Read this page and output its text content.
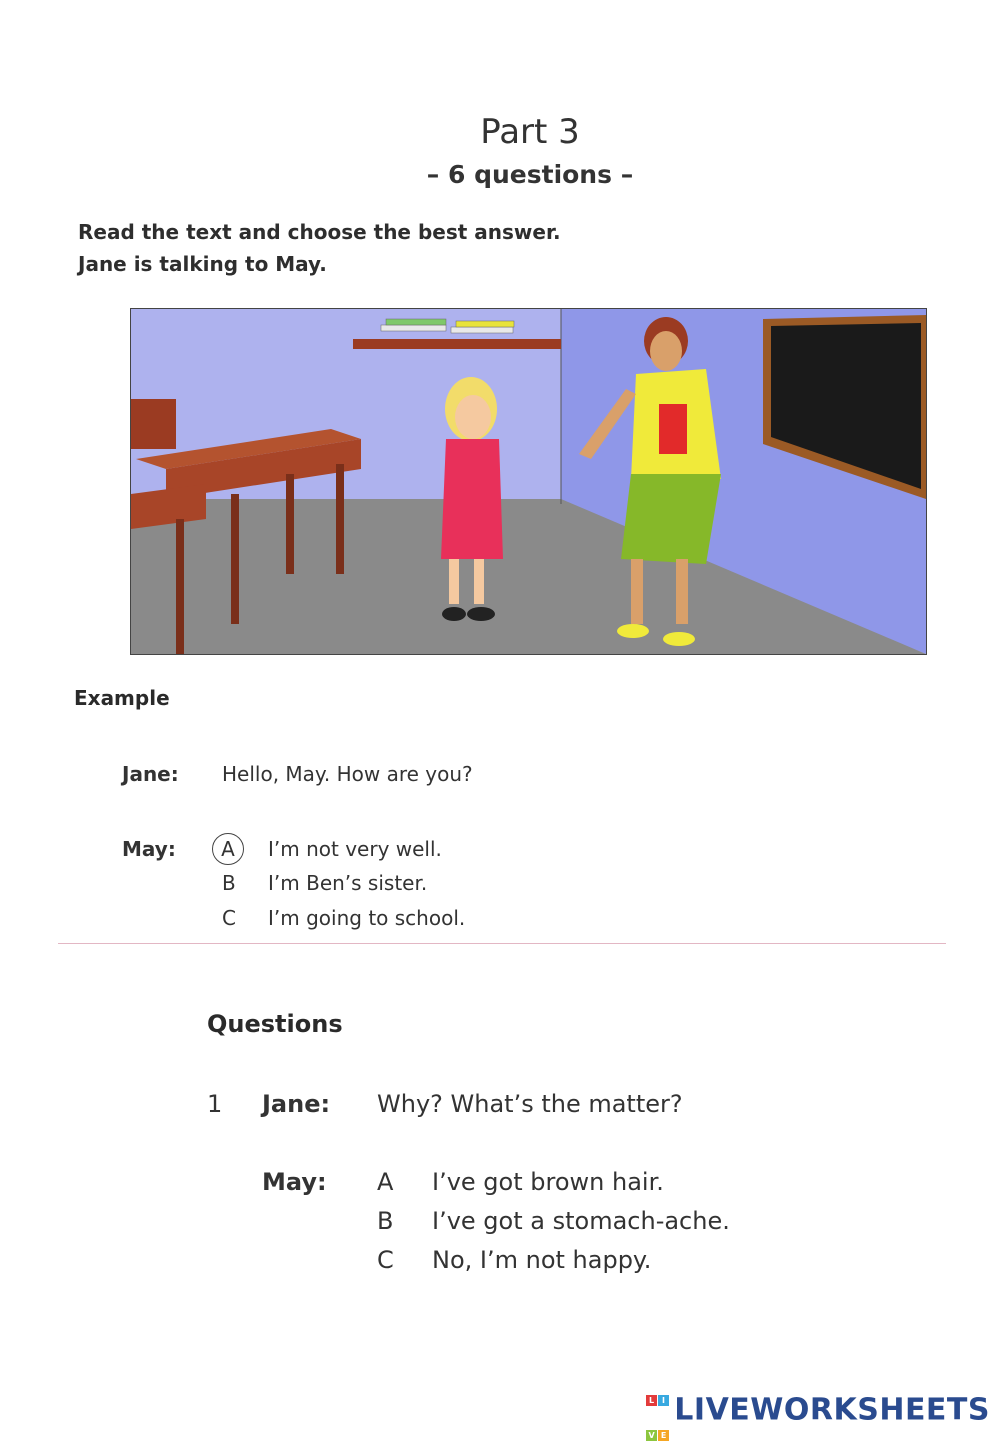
Part 3
– 6 questions –
Read the text and choose the best answer.
Jane is talking to May.
Example
Jane: Hello, May. How are you?
May:	A	I’m not very well.
B I’m Ben’s sister.
C I’m going to school.
Questions
1 Jane: Why? What’s the matter?
May: A I’ve got brown hair.
B I’ve got a stomach-ache.
C No, I’m not happy.
L I
V ELIVEWORKSHEETS
